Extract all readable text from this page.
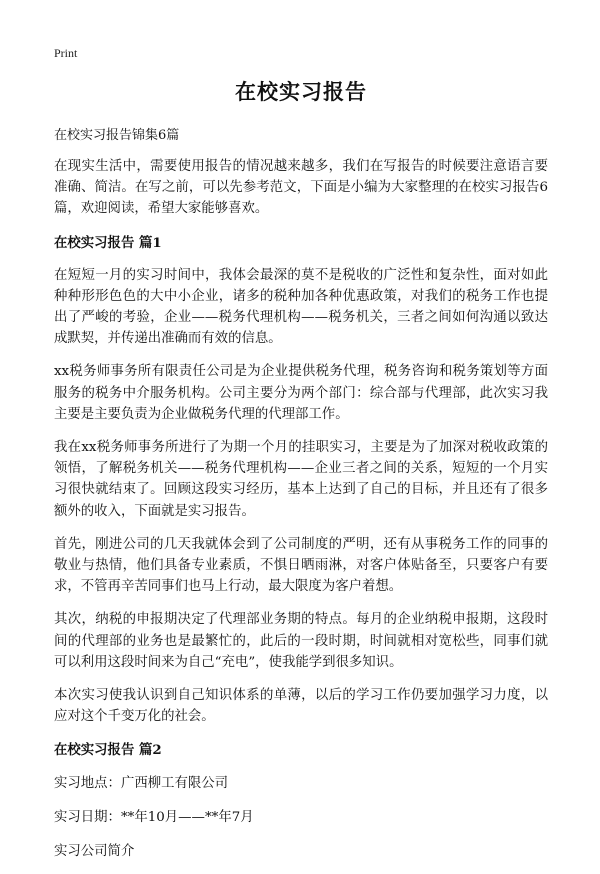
Print
在校实习报告
在校实习报告锦集6篇

在现实生活中，需要使用报告的情况越来越多，我们在写报告的时候要注意语言要准确、简洁。在写之前，可以先参考范文，下面是小编为大家整理的在校实习报告6篇，欢迎阅读，希望大家能够喜欢。

在校实习报告 篇1

在短短一月的实习时间中，我体会最深的莫不是税收的广泛性和复杂性，面对如此种种形形色色的大中小企业，诸多的税种加各种优惠政策，对我们的税务工作也提出了严峻的考验，企业——税务代理机构——税务机关，三者之间如何沟通以致达成默契，并传递出准确而有效的信息。

xx税务师事务所有限责任公司是为企业提供税务代理，税务咨询和税务策划等方面服务的税务中介服务机构。公司主要分为两个部门：综合部与代理部，此次实习我主要是主要负责为企业做税务代理的代理部工作。

我在xx税务师事务所进行了为期一个月的挂职实习，主要是为了加深对税收政策的领悟，了解税务机关——税务代理机构——企业三者之间的关系，短短的一个月实习很快就结束了。回顾这段实习经历，基本上达到了自己的目标，并且还有了很多额外的收入，下面就是实习报告。

首先，刚进公司的几天我就体会到了公司制度的严明，还有从事税务工作的同事的敬业与热情，他们具备专业素质，不惧日晒雨淋，对客户体贴备至，只要客户有要求，不管再辛苦同事们也马上行动，最大限度为客户着想。

其次，纳税的申报期决定了代理部业务期的特点。每月的企业纳税申报期，这段时间的代理部的业务也是最繁忙的，此后的一段时期，时间就相对宽松些，同事们就可以利用这段时间来为自己“充电”，使我能学到很多知识。

本次实习使我认识到自己知识体系的单薄，以后的学习工作仍要加强学习力度，以应对这个千变万化的社会。

在校实习报告 篇2
实习地点：广西柳工有限公司
实习日期：**年10月——**年7月
实习公司简介
